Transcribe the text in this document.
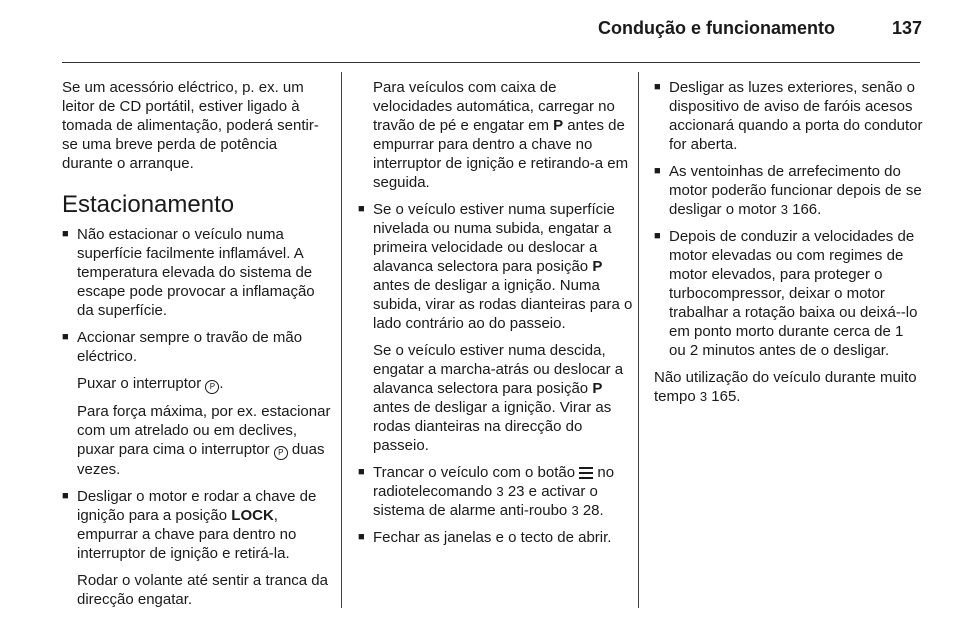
Condução e funcionamento	137

Se um acessório eléctrico, p. ex. um leitor de CD portátil, estiver ligado à tomada de alimentação, poderá sentir-se uma breve perda de potência durante o arranque.

Estacionamento
■ Não estacionar o veículo numa superfície facilmente inflamável. A temperatura elevada do sistema de escape pode provocar a inflamação da superfície.

■ Accionar sempre o travão de mão eléctrico.

Puxar o interruptor P .

Para força máxima, por ex. estacionar com um atrelado ou em declives, puxar para cima o interruptor P duas vezes.

■ Desligar o motor e rodar a chave de ignição para a posição LOCK, empurrar a chave para dentro no interruptor de ignição e retirá-la.

Rodar o volante até sentir a tranca da direcção engatar.

Para veículos com caixa de velocidades automática, carregar no travão de pé e engatar em P antes de empurrar para dentro a chave no interruptor de ignição e retirando-a em seguida.

■ Se o veículo estiver numa superfície nivelada ou numa subida, engatar a primeira velocidade ou deslocar a alavanca selectora para posição P antes de desligar a ignição. Numa subida, virar as rodas dianteiras para o lado contrário ao do passeio.

Se o veículo estiver numa descida, engatar a marcha-atrás ou deslocar a alavanca selectora para posição P antes de desligar a ignição. Virar as rodas dianteiras na direcção do passeio.

■ Trancar o veículo com o botão  no radiotelecomando 3 23 e activar o sistema de alarme anti-roubo 3 28.

■ Fechar as janelas e o tecto de abrir.

■ Desligar as luzes exteriores, senão o dispositivo de aviso de faróis acesos accionará quando a porta do condutor for aberta.

■ As ventoinhas de arrefecimento do motor poderão funcionar depois de se desligar o motor 3 166.

■ Depois de conduzir a velocidades de motor elevadas ou com regimes de motor elevados, para proteger o turbocompressor, deixar o motor trabalhar a rotação baixa ou deixá--lo em ponto morto durante cerca de 1 ou 2 minutos antes de o desligar.

Não utilização do veículo durante muito tempo 3 165.
